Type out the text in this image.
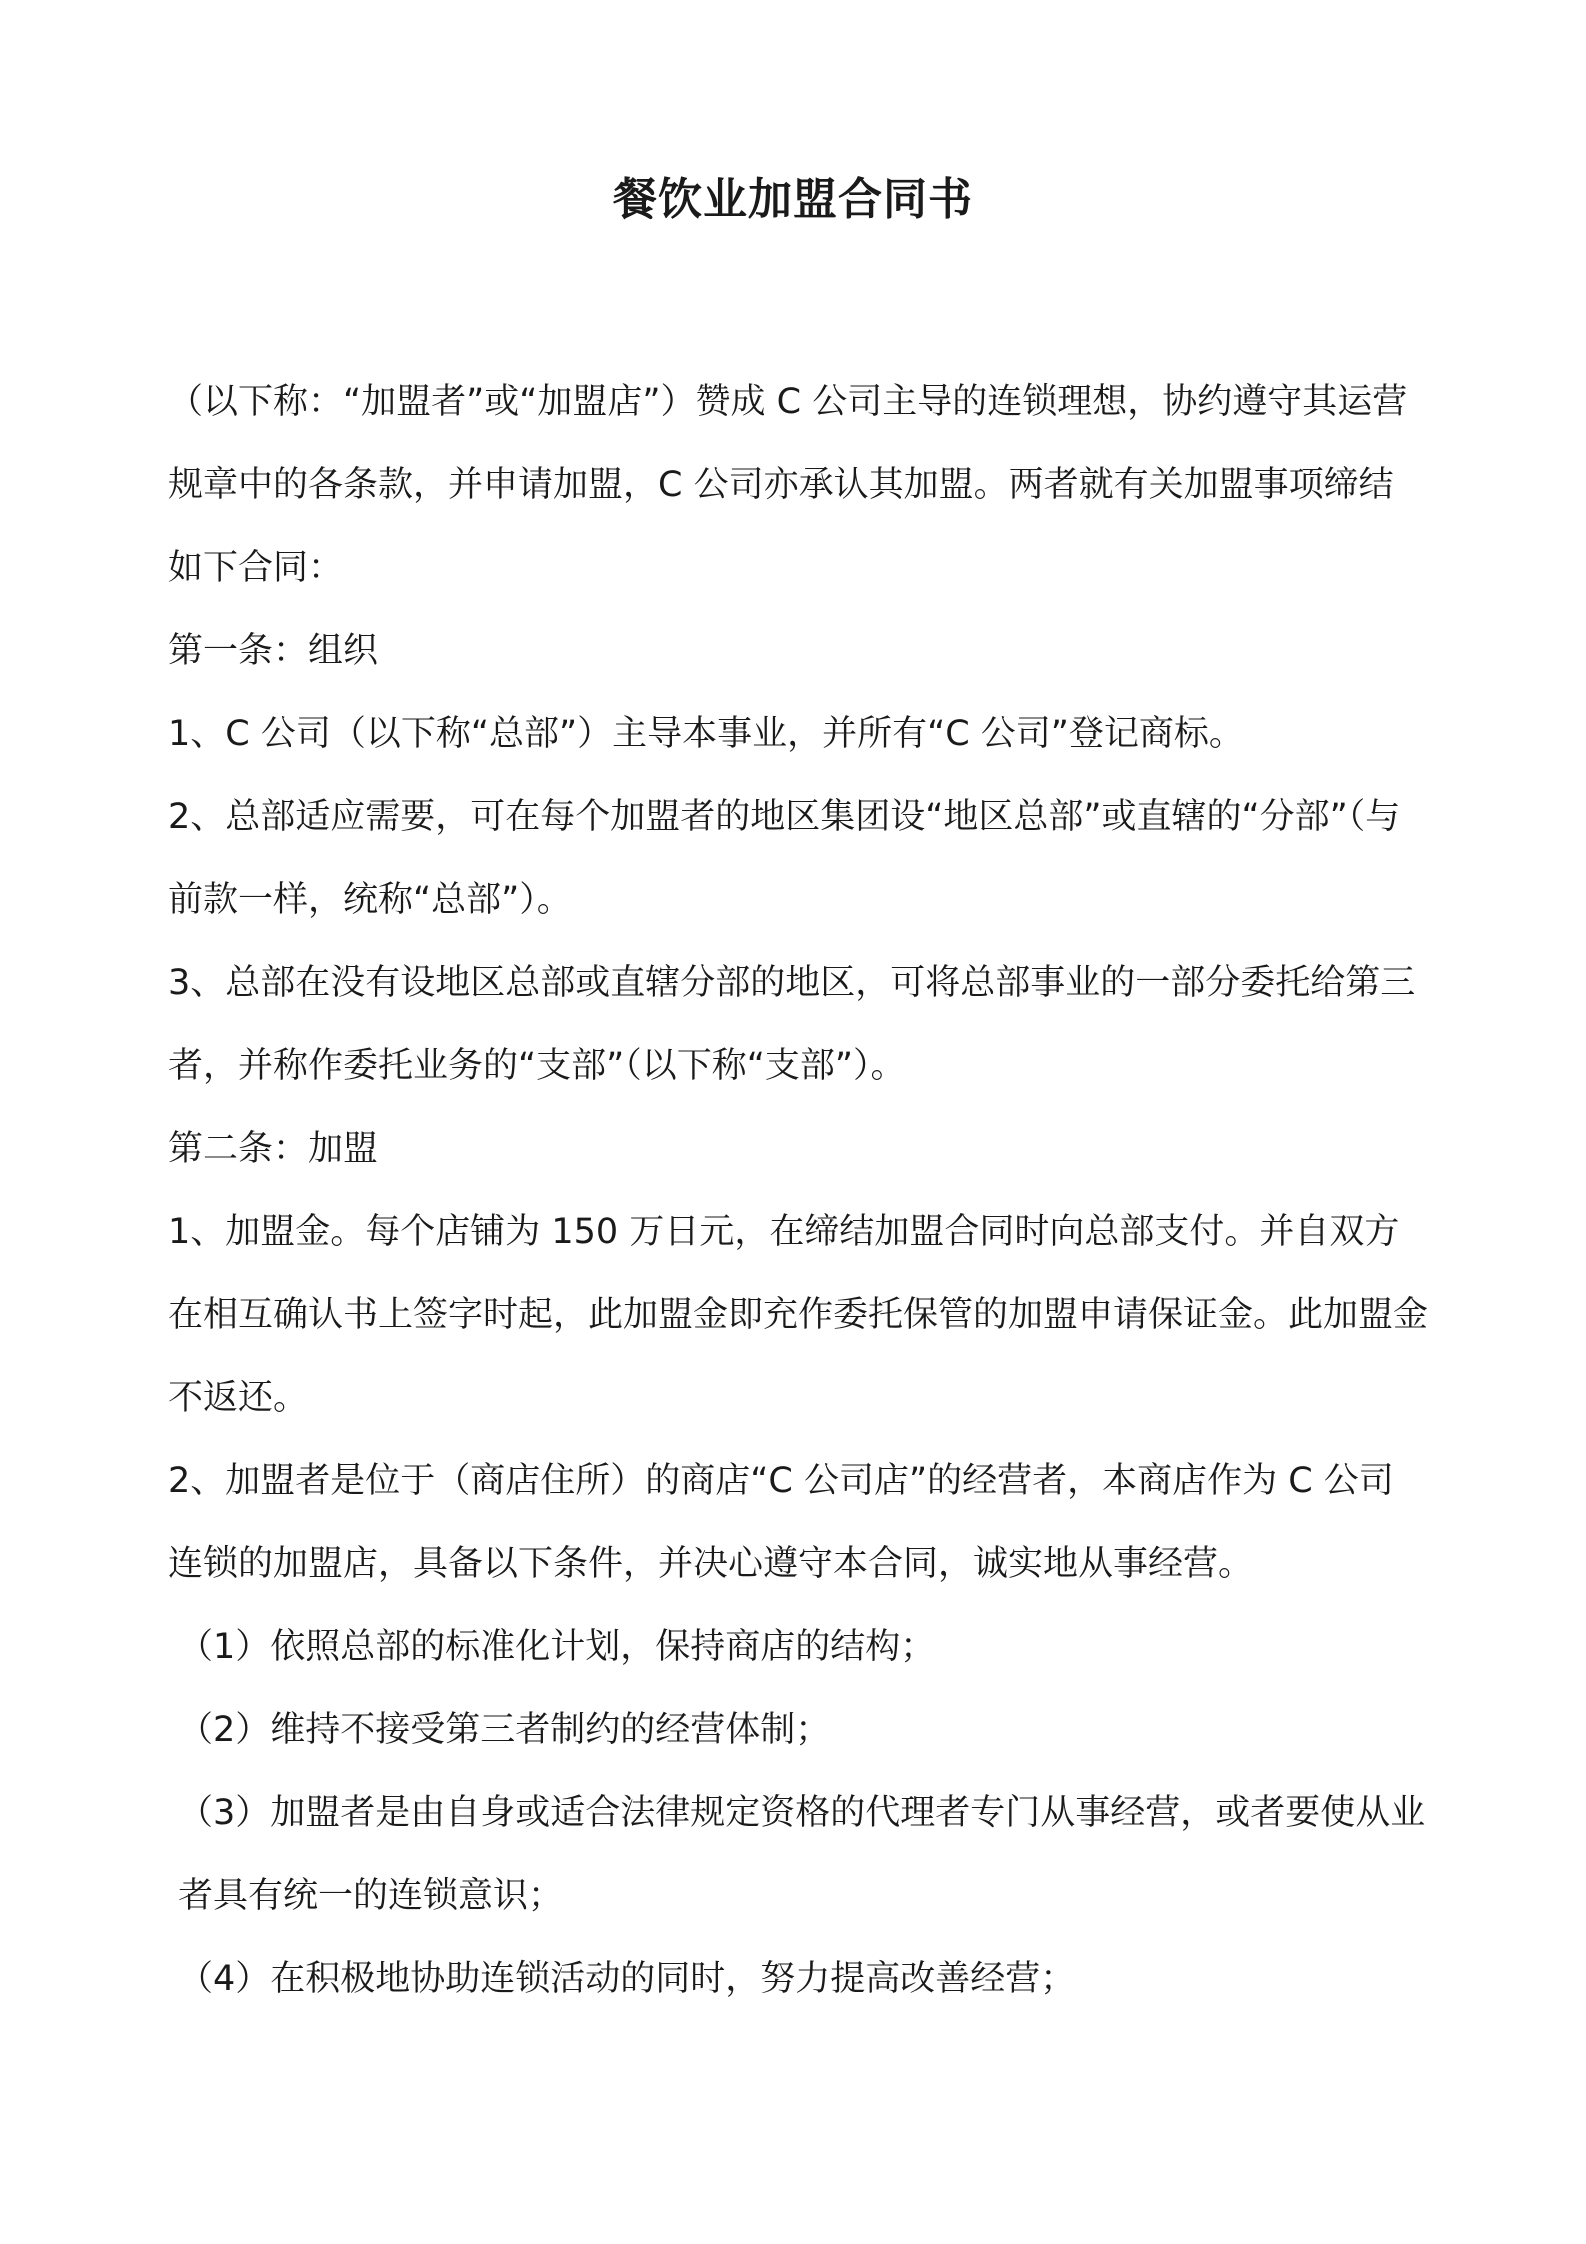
餐饮业加盟合同书

（以下称：“加盟者”或“加盟店”）赞成 C 公司主导的连锁理想，协约遵守其运营规章中的各条款，并申请加盟，C 公司亦承认其加盟。两者就有关加盟事项缔结如下合同：

第一条：组织

1、C 公司（以下称“总部”）主导本事业，并所有“C 公司”登记商标。

2、总部适应需要，可在每个加盟者的地区集团设“地区总部”或直辖的“分部”（与前款一样，统称“总部”）。

3、总部在没有设地区总部或直辖分部的地区，可将总部事业的一部分委托给第三者，并称作委托业务的“支部”（以下称“支部”）。

第二条：加盟

1、加盟金。每个店铺为 150 万日元，在缔结加盟合同时向总部支付。并自双方在相互确认书上签字时起，此加盟金即充作委托保管的加盟申请保证金。此加盟金不返还。

2、加盟者是位于（商店住所）的商店“C 公司店”的经营者，本商店作为 C 公司连锁的加盟店，具备以下条件，并决心遵守本合同，诚实地从事经营。

（1）依照总部的标准化计划，保持商店的结构；

（2）维持不接受第三者制约的经营体制；

（3）加盟者是由自身或适合法律规定资格的代理者专门从事经营，或者要使从业者具有统一的连锁意识；

（4）在积极地协助连锁活动的同时，努力提高改善经营；
